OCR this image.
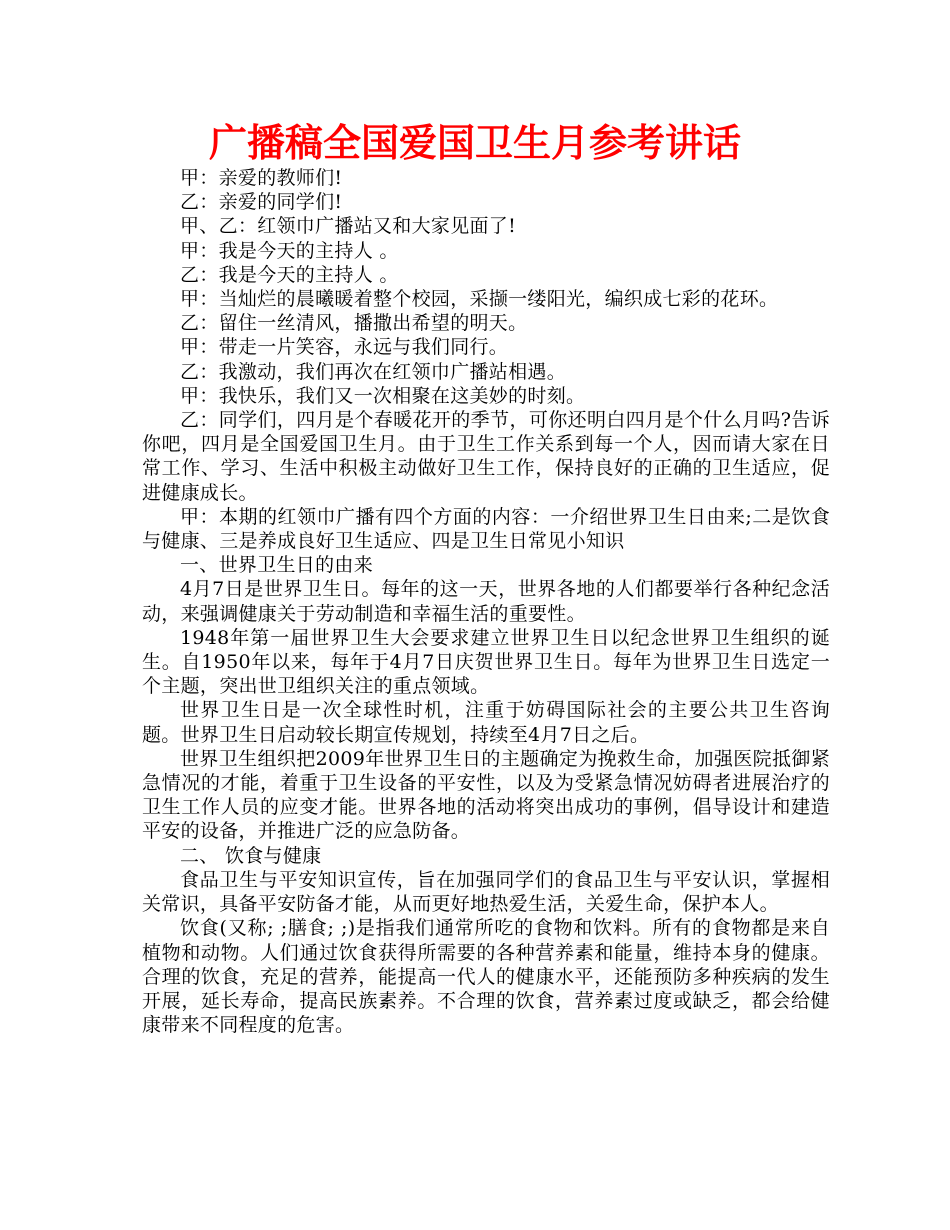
广播稿全国爱国卫生月参考讲话

甲：亲爱的教师们!

乙：亲爱的同学们!

甲、乙：红领巾广播站又和大家见面了!

甲：我是今天的主持人 。

乙：我是今天的主持人 。

甲：当灿烂的晨曦暖着整个校园，采撷一缕阳光，编织成七彩的花环。

乙：留住一丝清风，播撒出希望的明天。

甲：带走一片笑容，永远与我们同行。

乙：我激动，我们再次在红领巾广播站相遇。

甲：我快乐，我们又一次相聚在这美妙的时刻。

乙：同学们，四月是个春暖花开的季节，可你还明白四月是个什么月吗?告诉你吧，四月是全国爱国卫生月。由于卫生工作关系到每一个人，因而请大家在日常工作、学习、生活中积极主动做好卫生工作，保持良好的正确的卫生适应，促进健康成长。

甲：本期的红领巾广播有四个方面的内容：一介绍世界卫生日由来;二是饮食与健康、三是养成良好卫生适应、四是卫生日常见小知识

一、世界卫生日的由来

4月7日是世界卫生日。每年的这一天，世界各地的人们都要举行各种纪念活动，来强调健康关于劳动制造和幸福生活的重要性。

1948年第一届世界卫生大会要求建立世界卫生日以纪念世界卫生组织的诞生。自1950年以来，每年于4月7日庆贺世界卫生日。每年为世界卫生日选定一个主题，突出世卫组织关注的重点领域。

世界卫生日是一次全球性时机，注重于妨碍国际社会的主要公共卫生咨询题。世界卫生日启动较长期宣传规划，持续至4月7日之后。

世界卫生组织把2009年世界卫生日的主题确定为挽救生命，加强医院抵御紧急情况的才能，着重于卫生设备的平安性，以及为受紧急情况妨碍者进展治疗的卫生工作人员的应变才能。世界各地的活动将突出成功的事例，倡导设计和建造平安的设备，并推进广泛的应急防备。

二、 饮食与健康

食品卫生与平安知识宣传，旨在加强同学们的食品卫生与平安认识，掌握相关常识，具备平安防备才能，从而更好地热爱生活，关爱生命，保护本人。

饮食(又称; ;膳食; ;)是指我们通常所吃的食物和饮料。所有的食物都是来自植物和动物。人们通过饮食获得所需要的各种营养素和能量，维持本身的健康。合理的饮食，充足的营养，能提高一代人的健康水平，还能预防多种疾病的发生开展，延长寿命，提高民族素养。不合理的饮食，营养素过度或缺乏，都会给健康带来不同程度的危害。
